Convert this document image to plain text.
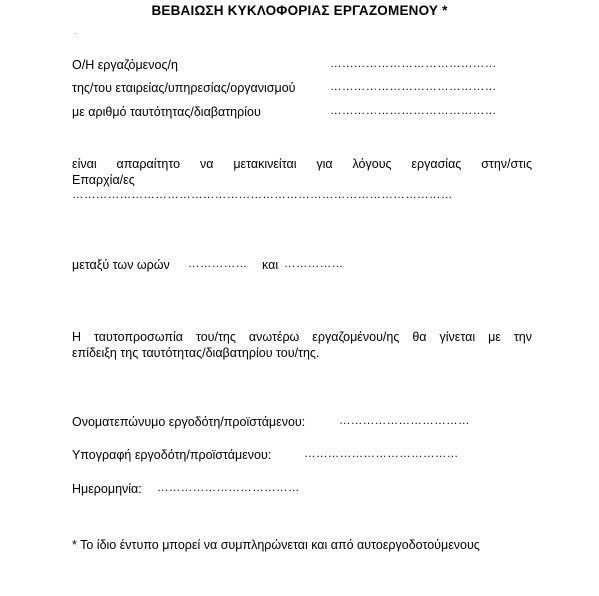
ΒΕΒΑΙΩΣΗ ΚΥΚΛΟΦΟΡΙΑΣ ΕΡΓΑΖΟΜΕΝΟΥ *
·
Ο/Η εργαζόμενος/η	……………………………………
της/του εταιρείας/υπηρεσίας/οργανισμού	……………………………………
με αριθμό ταυτότητας/διαβατηρίου	……………………………………
είναι απαραίτητο να μετακινείται για λόγους εργασίας στην/στις
Επαρχία/ες
……………………………………………………………………………………
μεταξύ των ωρών …………… και ……………
Η ταυτοπροσωπία του/της ανωτέρω εργαζομένου/ης θα γίνεται με την
επίδειξη της ταυτότητας/διαβατηρίου του/της.
Ονοματεπώνυμο εργοδότη/προϊστάμενου:	……………………………
Υπογραφή εργοδότη/προϊστάμενου:	…………………………………
Ημερομηνία: ………………………………
* Το ίδιο έντυπο μπορεί να συμπληρώνεται και από αυτοεργοδοτούμενους
